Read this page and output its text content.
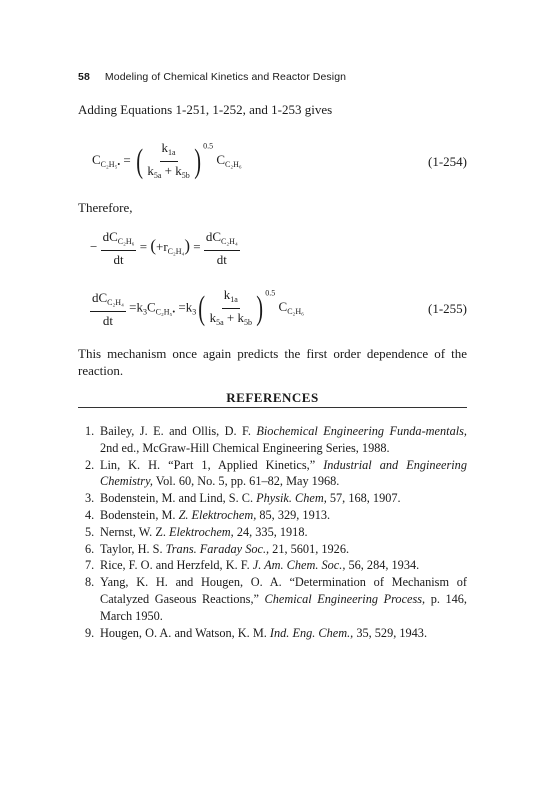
58 Modeling of Chemical Kinetics and Reactor Design
Adding Equations 1-251, 1-252, and 1-253 gives
$C_{C_2H_5•}$ = ( $\frac{k_{1a}}{k_{5a} + k_{5b}}$ ) $^{0.5}$ $C_{C_2H_6}$	(1-254)
Therefore,
− $\frac{dC_{C_2H_6}}{dt} = (+r_{C_2H_4}) = \frac{dC_{C_2H_4}}{dt}$
$\frac{dC_{C_2H_4}}{dt} =k_3C_{C_2H_5•} =k_3( \frac{k_{1a}}{k_{5a} + k_{5b}}$ ) $^{0.5}$ $C_{C_2H_6}$	(1-255)
This mechanism once again predicts the first order dependence of the reaction.
REFERENCES
1. Bailey, J. E. and Ollis, D. F. Biochemical Engineering Funda-mentals, 2nd ed., McGraw-Hill Chemical Engineering Series, 1988.
2. Lin, K. H. “Part 1, Applied Kinetics,” Industrial and Engineering Chemistry, Vol. 60, No. 5, pp. 61–82, May 1968.
3. Bodenstein, M. and Lind, S. C. Physik. Chem, 57, 168, 1907.
4. Bodenstein, M. Z. Elektrochem, 85, 329, 1913.
5. Nernst, W. Z. Elektrochem, 24, 335, 1918.
6. Taylor, H. S. Trans. Faraday Soc., 21, 5601, 1926.
7. Rice, F. O. and Herzfeld, K. F. J. Am. Chem. Soc., 56, 284, 1934.
8. Yang, K. H. and Hougen, O. A. “Determination of Mechanism of Catalyzed Gaseous Reactions,” Chemical Engineering Process, p. 146, March 1950.
9. Hougen, O. A. and Watson, K. M. Ind. Eng. Chem., 35, 529, 1943.
